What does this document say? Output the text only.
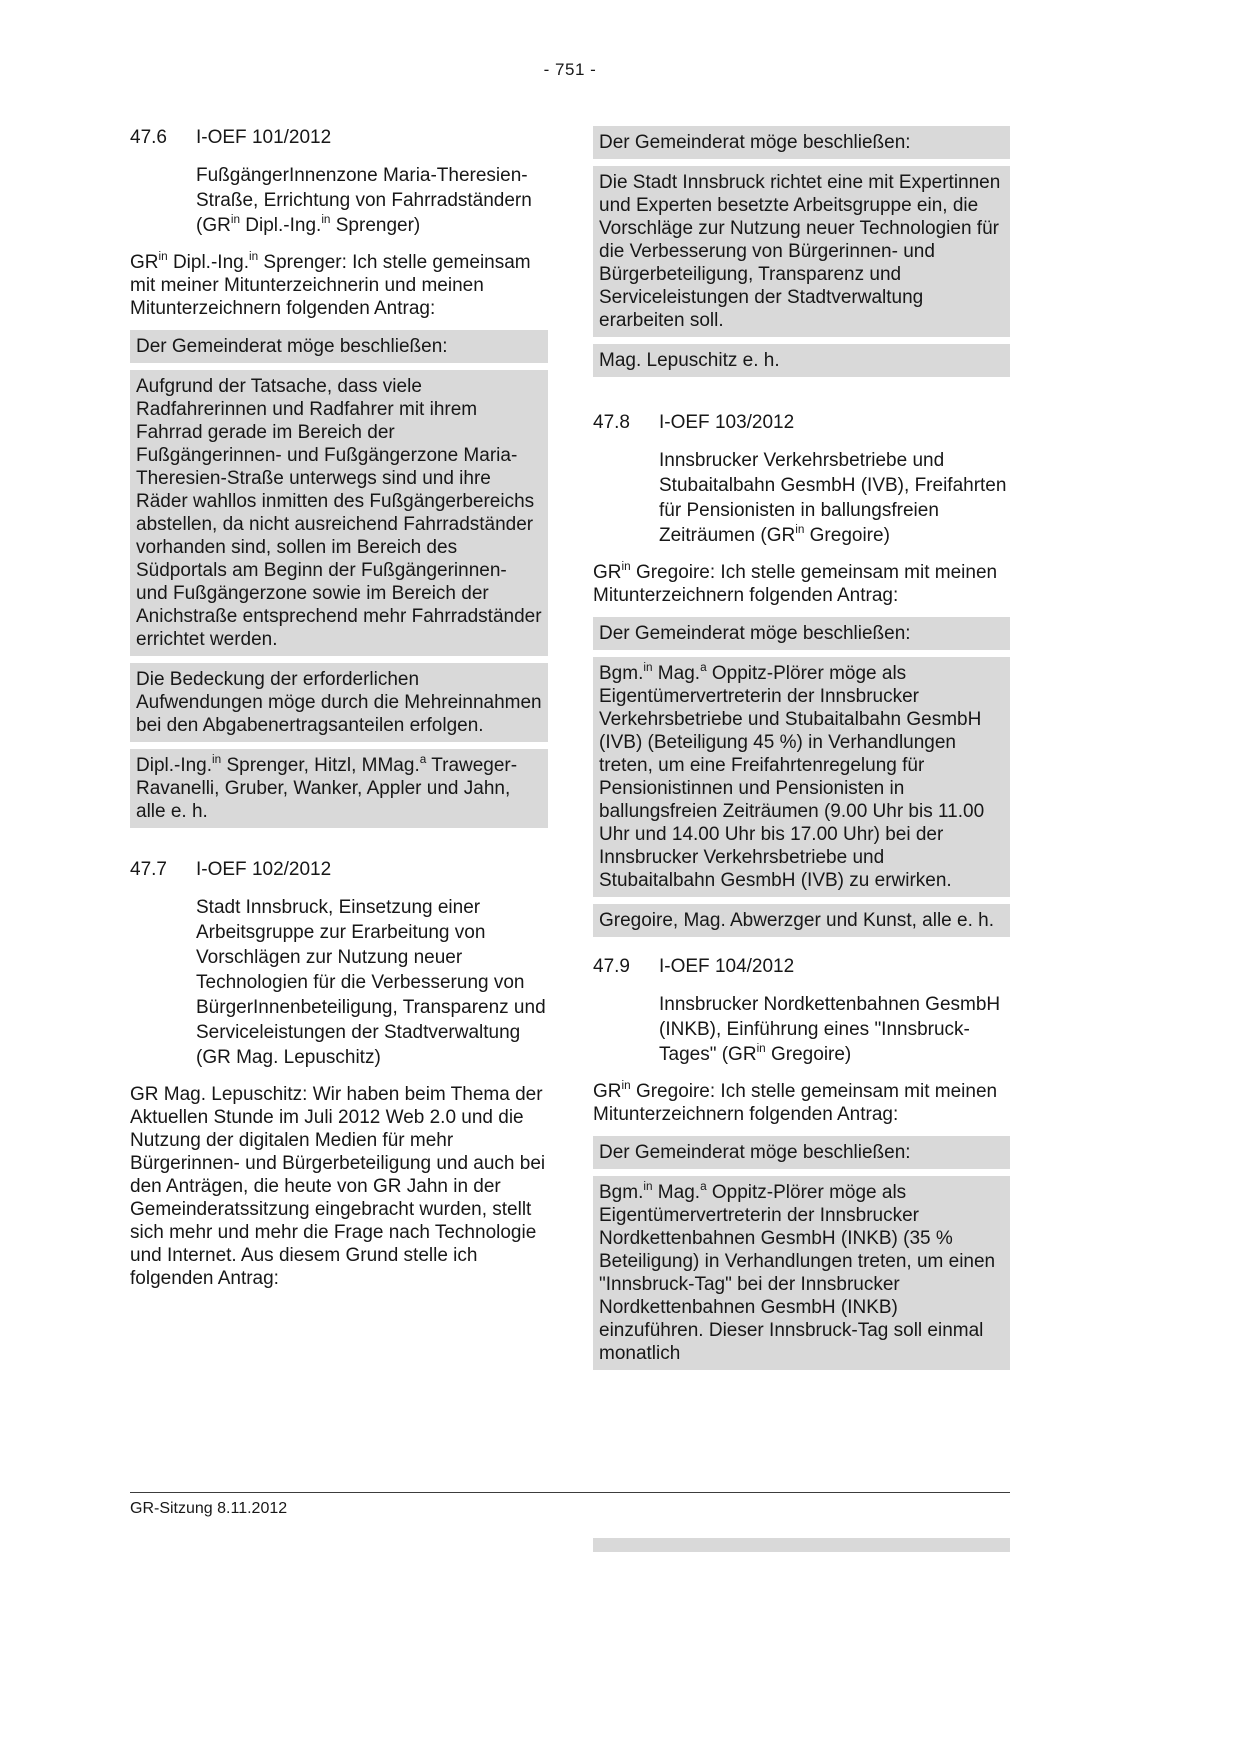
- 751 -
47.6	I-OEF 101/2012
FußgängerInnenzone Maria-Theresien-Straße, Errichtung von Fahrradständern ($GR^{in}$ Dipl.-Ing.$^{in}$ Sprenger)

$GR^{in}$ Dipl.-Ing.$^{in}$ Sprenger: Ich stelle gemeinsam mit meiner Mitunterzeichnerin und meinen Mitunterzeichnern folgenden Antrag:

Der Gemeinderat möge beschließen:
Aufgrund der Tatsache, dass viele Radfahrerinnen und Radfahrer mit ihrem Fahrrad gerade im Bereich der Fußgängerinnen- und Fußgängerzone Maria-Theresien-Straße unterwegs sind und ihre Räder wahllos inmitten des Fußgängerbereichs abstellen, da nicht ausreichend Fahrradständer vorhanden sind, sollen im Bereich des Südportals am Beginn der Fußgängerinnen- und Fußgängerzone sowie im Bereich der Anichstraße entsprechend mehr Fahrradständer errichtet werden.
Die Bedeckung der erforderlichen Aufwendungen möge durch die Mehreinnahmen bei den Abgabenertragsanteilen erfolgen.
Dipl.-Ing.$^{in}$ Sprenger, Hitzl, MMag.$^a$ Traweger-Ravanelli, Gruber, Wanker, Appler und Jahn, alle e. h.
47.7	I-OEF 102/2012
Stadt Innsbruck, Einsetzung einer Arbeitsgruppe zur Erarbeitung von Vorschlägen zur Nutzung neuer Technologien für die Verbesserung von BürgerInnenbeteiligung, Transparenz und Serviceleistungen der Stadtverwaltung (GR Mag. Lepuschitz)

GR Mag. Lepuschitz: Wir haben beim Thema der Aktuellen Stunde im Juli 2012 Web 2.0 und die Nutzung der digitalen Medien für mehr Bürgerinnen- und Bürgerbeteiligung und auch bei den Anträgen, die heute von GR Jahn in der Gemeinderatssitzung eingebracht wurden, stellt sich mehr und mehr die Frage nach Technologie und Internet. Aus diesem Grund stelle ich folgenden Antrag:

Der Gemeinderat möge beschließen:
Die Stadt Innsbruck richtet eine mit Expertinnen und Experten besetzte Arbeitsgruppe ein, die Vorschläge zur Nutzung neuer Technologien für die Verbesserung von Bürgerinnen- und Bürgerbeteiligung, Transparenz und Serviceleistungen der Stadtverwaltung erarbeiten soll.
Mag. Lepuschitz e. h.
47.8	I-OEF 103/2012
Innsbrucker Verkehrsbetriebe und Stubaitalbahn GesmbH (IVB), Freifahrten für Pensionisten in ballungsfreien Zeiträumen ($GR^{in}$ Gregoire)

$GR^{in}$ Gregoire: Ich stelle gemeinsam mit meinen Mitunterzeichnern folgenden Antrag:

Der Gemeinderat möge beschließen:
Bgm.$^{in}$ Mag.$^a$ Oppitz-Plörer möge als Eigentümervertreterin der Innsbrucker Verkehrsbetriebe und Stubaitalbahn GesmbH (IVB) (Beteiligung 45 %) in Verhandlungen treten, um eine Freifahrtenregelung für Pensionistinnen und Pensionisten in ballungsfreien Zeiträumen (9.00 Uhr bis 11.00 Uhr und 14.00 Uhr bis 17.00 Uhr) bei der Innsbrucker Verkehrsbetriebe und Stubaitalbahn GesmbH (IVB) zu erwirken.
Gregoire, Mag. Abwerzger und Kunst, alle e. h.
47.9	I-OEF 104/2012
Innsbrucker Nordkettenbahnen GesmbH (INKB), Einführung eines "Innsbruck-Tages" ($GR^{in}$ Gregoire)

$GR^{in}$ Gregoire: Ich stelle gemeinsam mit meinen Mitunterzeichnern folgenden Antrag:

Der Gemeinderat möge beschließen:
Bgm.$^{in}$ Mag.$^a$ Oppitz-Plörer möge als Eigentümervertreterin der Innsbrucker Nordkettenbahnen GesmbH (INKB) (35 % Beteiligung) in Verhandlungen treten, um einen "Innsbruck-Tag" bei der Innsbrucker Nordkettenbahnen GesmbH (INKB) einzuführen. Dieser Innsbruck-Tag soll einmal monatlich
GR-Sitzung 8.11.2012
